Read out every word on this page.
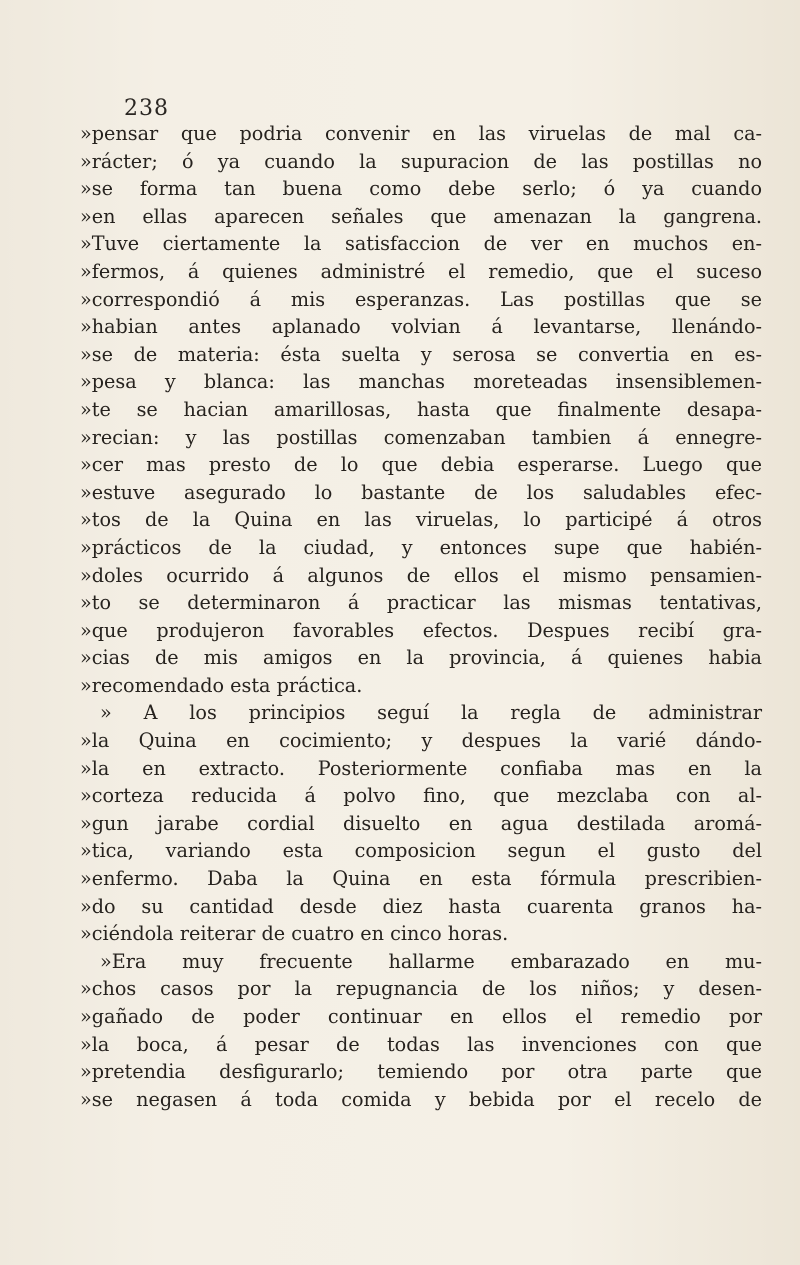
238
»pensar que podria convenir en las viruelas de mal ca-
»rácter; ó ya cuando la supuracion de las postillas no
»se forma tan buena como debe serlo; ó ya cuando
»en ellas aparecen señales que amenazan la gangrena.
»Tuve ciertamente la satisfaccion de ver en muchos en-
»fermos, á quienes administré el remedio, que el suceso
»correspondió á mis esperanzas. Las postillas que se
»habian antes aplanado volvian á levantarse, llenándo-
»se de materia: ésta suelta y serosa se convertia en es-
»pesa y blanca: las manchas moreteadas insensiblemen-
»te se hacian amarillosas, hasta que finalmente desapa-
»recian: y las postillas comenzaban tambien á ennegre-
»cer mas presto de lo que debia esperarse. Luego que
»estuve asegurado lo bastante de los saludables efec-
»tos de la Quina en las viruelas, lo participé á otros
»prácticos de la ciudad, y entonces supe que habién-
»doles ocurrido á algunos de ellos el mismo pensamien-
»to se determinaron á practicar las mismas tentativas,
»que produjeron favorables efectos. Despues recibí gra-
»cias de mis amigos en la provincia, á quienes habia
»recomendado esta práctica.
» A los principios seguí la regla de administrar
»la Quina en cocimiento; y despues la varié dándo-
»la en extracto. Posteriormente confiaba mas en la
»corteza reducida á polvo fino, que mezclaba con al-
»gun jarabe cordial disuelto en agua destilada aromá-
»tica, variando esta composicion segun el gusto del
»enfermo. Daba la Quina en esta fórmula prescribien-
»do su cantidad desde diez hasta cuarenta granos ha-
»ciéndola reiterar de cuatro en cinco horas.
»Era muy frecuente hallarme embarazado en mu-
»chos casos por la repugnancia de los niños; y desen-
»gañado de poder continuar en ellos el remedio por
»la boca, á pesar de todas las invenciones con que
»pretendia desfigurarlo; temiendo por otra parte que
»se negasen á toda comida y bebida por el recelo de
